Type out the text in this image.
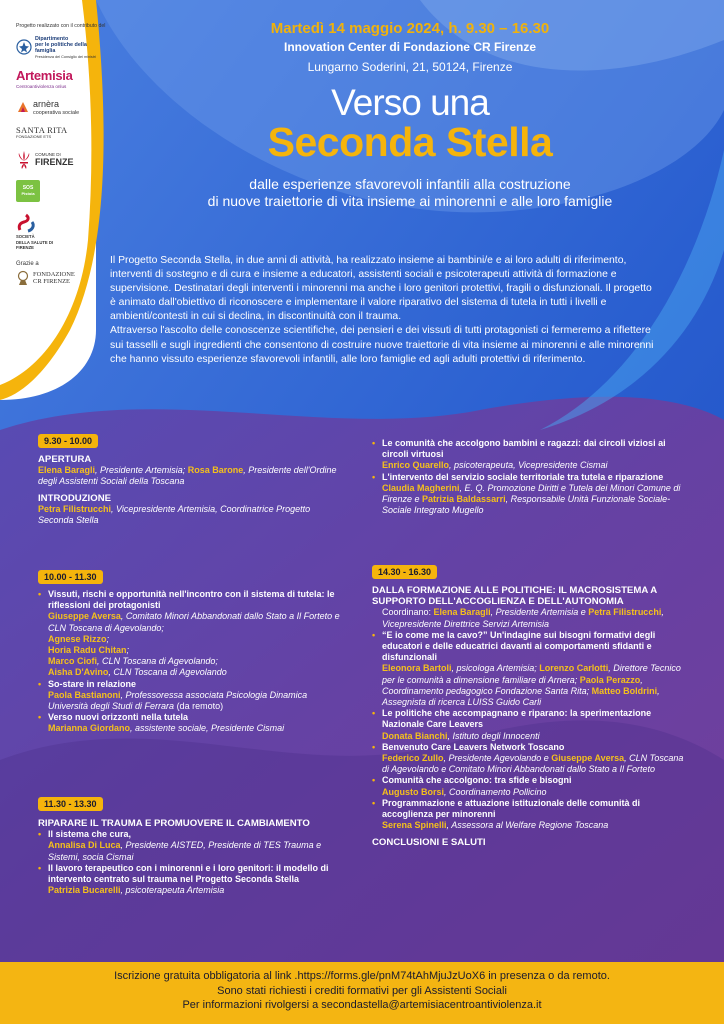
Progetto realizzato con il contributo del
Dipartimento
per le politiche della famiglia
Presidenza del Consiglio dei ministri
Artemisia
Centroantiviolenza onlus
arnèra
cooperativa sociale
SANTA RITA
FONDAZIONE ETS
COMUNE DI
FIRENZE
SOS
Pistoia
SOCIETÀ
DELLA SALUTE DI FIRENZE
Grazie a
FONDAZIONE
CR FIRENZE
Martedì 14 maggio 2024, h. 9.30 – 16.30
Innovation Center di Fondazione CR Firenze
Lungarno Soderini, 21, 50124, Firenze
Verso una
Seconda Stella
dalle esperienze sfavorevoli infantili alla costruzione
di nuove traiettorie di vita insieme ai minorenni e alle loro famiglie

Il Progetto Seconda Stella, in due anni di attività, ha realizzato insieme ai bambini/e e ai loro adulti di riferimento, interventi di sostegno e di cura e insieme a educatori, assistenti sociali e psicoterapeuti attività di formazione e supervisione. Destinatari degli interventi i minorenni ma anche i loro genitori protettivi, fragili o disfunzionali. Il progetto è animato dall'obiettivo di riconoscere e implementare il valore riparativo del sistema di tutela in tutti i livelli e ambienti/contesti in cui si declina, in discontinuità con il trauma.

Attraverso l'ascolto delle conoscenze scientifiche, dei pensieri e dei vissuti di tutti protagonisti ci fermeremo a riflettere sui tasselli e sugli ingredienti che consentono di costruire nuove traiettorie di vita insieme ai minorenni e alle minorenni che hanno vissuto esperienze sfavorevoli infantili, alle loro famiglie ed agli adulti protettivi di riferimento.

9.30 - 10.00
APERTURA
Elena Baragli, Presidente Artemisia; Rosa Barone, Presidente dell'Ordine degli Assistenti Sociali della Toscana
INTRODUZIONE
Petra Filistrucchi, Vicepresidente Artemisia, Coordinatrice Progetto Seconda Stella
10.00 - 11.30
• Vissuti, rischi e opportunità nell'incontro con il sistema di tutela: le riflessioni dei protagonisti
Giuseppe Aversa, Comitato Minori Abbandonati dallo Stato a Il Forteto e CLN Toscana di Agevolando;
Agnese Rizzo;
Horia Radu Chitan;
Marco Ciofi, CLN Toscana di Agevolando;
Aisha D'Avino, CLN Toscana di Agevolando
• So-stare in relazione
Paola Bastianoni, Professoressa associata Psicologia Dinamica Università degli Studi di Ferrara (da remoto)
• Verso nuovi orizzonti nella tutela
Marianna Giordano, assistente sociale, Presidente Cismai
11.30 - 13.30
RIPARARE IL TRAUMA E PROMUOVERE IL CAMBIAMENTO
• Il sistema che cura,
Annalisa Di Luca, Presidente AISTED, Presidente di TES Trauma e Sistemi, socia Cismai
• Il lavoro terapeutico con i minorenni e i loro genitori: il modello di intervento centrato sul trauma nel Progetto Seconda Stella
Patrizia Bucarelli, psicoterapeuta Artemisia
• Le comunità che accolgono bambini e ragazzi: dai circoli viziosi ai circoli virtuosi
Enrico Quarello, psicoterapeuta, Vicepresidente Cismai
• L'intervento del servizio sociale territoriale tra tutela e riparazione
Claudia Magherini, E. Q. Promozione Diritti e Tutela dei Minori Comune di Firenze e Patrizia Baldassarri, Responsabile Unità Funzionale Sociale-Sociale Integrato Mugello
14.30 - 16.30
DALLA FORMAZIONE ALLE POLITICHE: IL MACROSISTEMA A SUPPORTO DELL'ACCOGLIENZA E DELL'AUTONOMIA
Coordinano: Elena Baragli, Presidente Artemisia e Petra Filistrucchi, Vicepresidente Direttrice Servizi Artemisia
• “E io come me la cavo?” Un'indagine sui bisogni formativi degli educatori e delle educatrici davanti ai comportamenti sfidanti e disfunzionali
Eleonora Bartoli, psicologa Artemisia; Lorenzo Carlotti, Direttore Tecnico per le comunità a dimensione familiare di Arnera; Paola Perazzo, Coordinamento pedagogico Fondazione Santa Rita; Matteo Boldrini, Assegnista di ricerca LUISS Guido Carli
• Le politiche che accompagnano e riparano: la sperimentazione Nazionale Care Leavers
Donata Bianchi, Istituto degli Innocenti
• Benvenuto Care Leavers Network Toscano
Federico Zullo, Presidente Agevolando e Giuseppe Aversa, CLN Toscana di Agevolando e Comitato Minori Abbandonati dallo Stato a Il Forteto
• Comunità che accolgono: tra sfide e bisogni
Augusto Borsi, Coordinamento Pollicino
• Programmazione e attuazione istituzionale delle comunità di accoglienza per minorenni
Serena Spinelli, Assessora al Welfare Regione Toscana
CONCLUSIONI E SALUTI
Iscrizione gratuita obbligatoria al link .https://forms.gle/pnM74tAhMjuJzUoX6 in presenza o da remoto.
Sono stati richiesti i crediti formativi per gli Assistenti Sociali
Per informazioni rivolgersi a secondastella@artemisiacentroantiviolenza.it
